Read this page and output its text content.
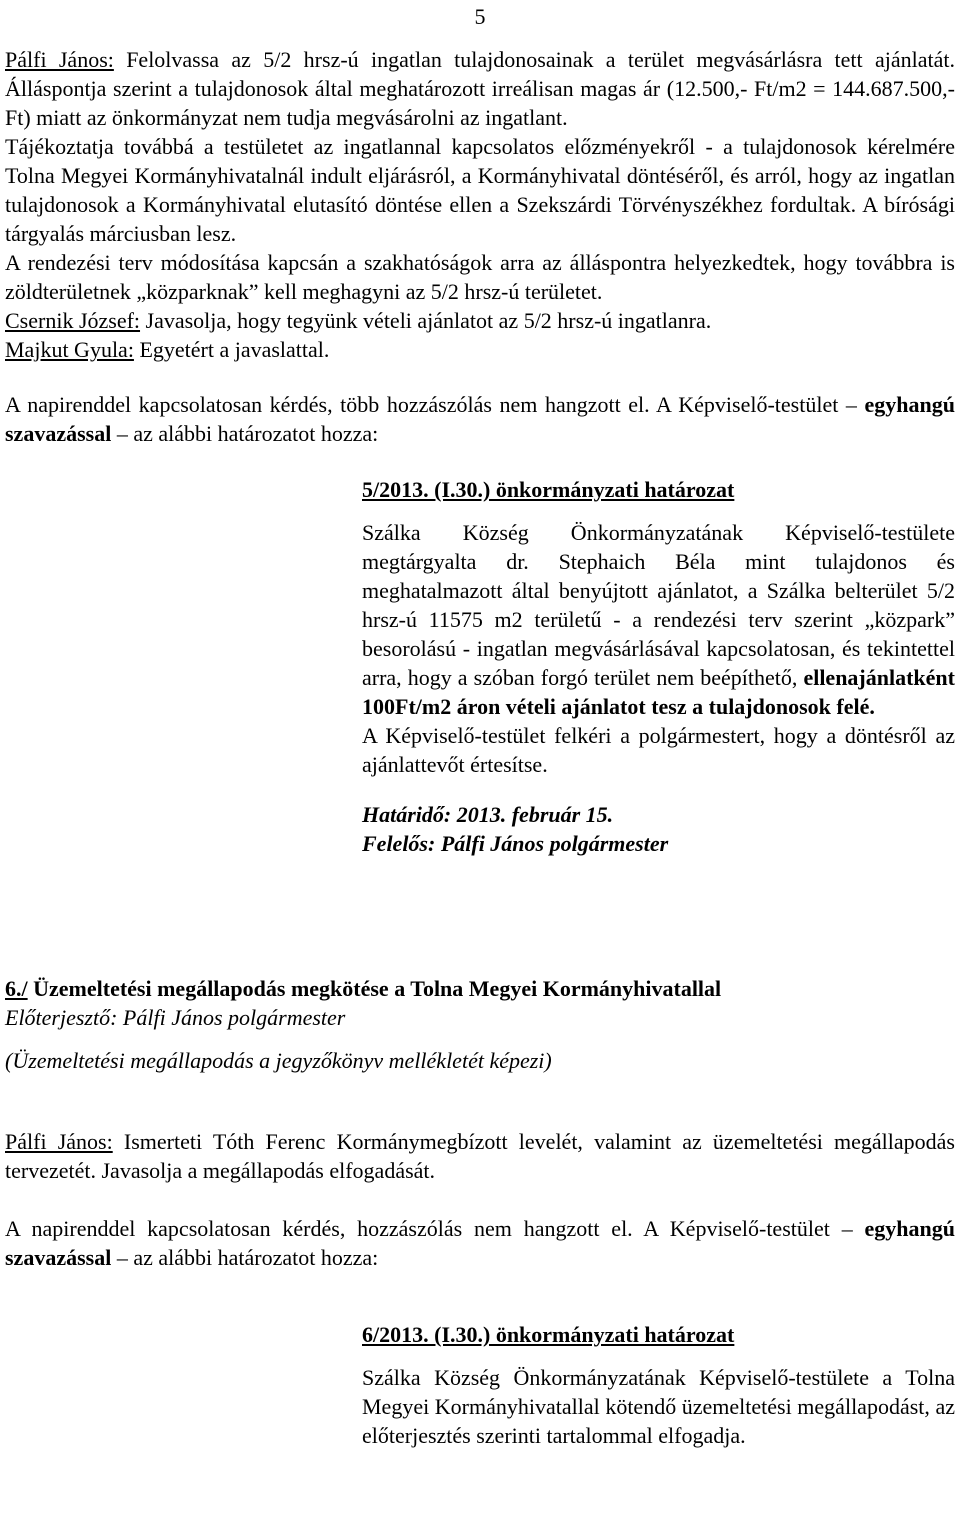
5

Pálfi János: Felolvassa az 5/2 hrsz-ú ingatlan tulajdonosainak a terület megvásárlásra tett ajánlatát. Álláspontja szerint a tulajdonosok által meghatározott irreálisan magas ár (12.500,- Ft/m2 = 144.687.500,-Ft) miatt az önkormányzat nem tudja megvásárolni az ingatlant.

Tájékoztatja továbbá a testületet az ingatlannal kapcsolatos előzményekről - a tulajdonosok kérelmére Tolna Megyei Kormányhivatalnál indult eljárásról, a Kormányhivatal döntéséről, és arról, hogy az ingatlan tulajdonosok a Kormányhivatal elutasító döntése ellen a Szekszárdi Törvényszékhez fordultak. A bírósági tárgyalás márciusban lesz.

A rendezési terv módosítása kapcsán a szakhatóságok arra az álláspontra helyezkedtek, hogy továbbra is zöldterületnek „közparknak” kell meghagyni az 5/2 hrsz-ú területet.

Csernik József: Javasolja, hogy tegyünk vételi ajánlatot az 5/2 hrsz-ú ingatlanra.

Majkut Gyula: Egyetért a javaslattal.

A napirenddel kapcsolatosan kérdés, több hozzászólás nem hangzott el. A Képviselő-testület – egyhangú szavazással – az alábbi határozatot hozza:

5/2013. (I.30.) önkormányzati határozat

Szálka Község Önkormányzatának Képviselő-testülete megtárgyalta dr. Stephaich Béla mint tulajdonos és meghatalmazott által benyújtott ajánlatot, a Szálka belterület 5/2 hrsz-ú 11575 m2 területű - a rendezési terv szerint „közpark” besorolású - ingatlan megvásárlásával kapcsolatosan, és tekintettel arra, hogy a szóban forgó terület nem beépíthető, ellenajánlatként 100Ft/m2 áron vételi ajánlatot tesz a tulajdonosok felé.

A Képviselő-testület felkéri a polgármestert, hogy a döntésről az ajánlattevőt értesítse.

Határidő: 2013. február 15.

Felelős: Pálfi János polgármester

6./ Üzemeltetési megállapodás megkötése a Tolna Megyei Kormányhivatallal

Előterjesztő: Pálfi János polgármester

(Üzemeltetési megállapodás a jegyzőkönyv mellékletét képezi)

Pálfi János: Ismerteti Tóth Ferenc Kormánymegbízott levelét, valamint az üzemeltetési megállapodás tervezetét. Javasolja a megállapodás elfogadását.

A napirenddel kapcsolatosan kérdés, hozzászólás nem hangzott el. A Képviselő-testület – egyhangú szavazással – az alábbi határozatot hozza:

6/2013. (I.30.) önkormányzati határozat

Szálka Község Önkormányzatának Képviselő-testülete a Tolna Megyei Kormányhivatallal kötendő üzemeltetési megállapodást, az előterjesztés szerinti tartalommal elfogadja.
